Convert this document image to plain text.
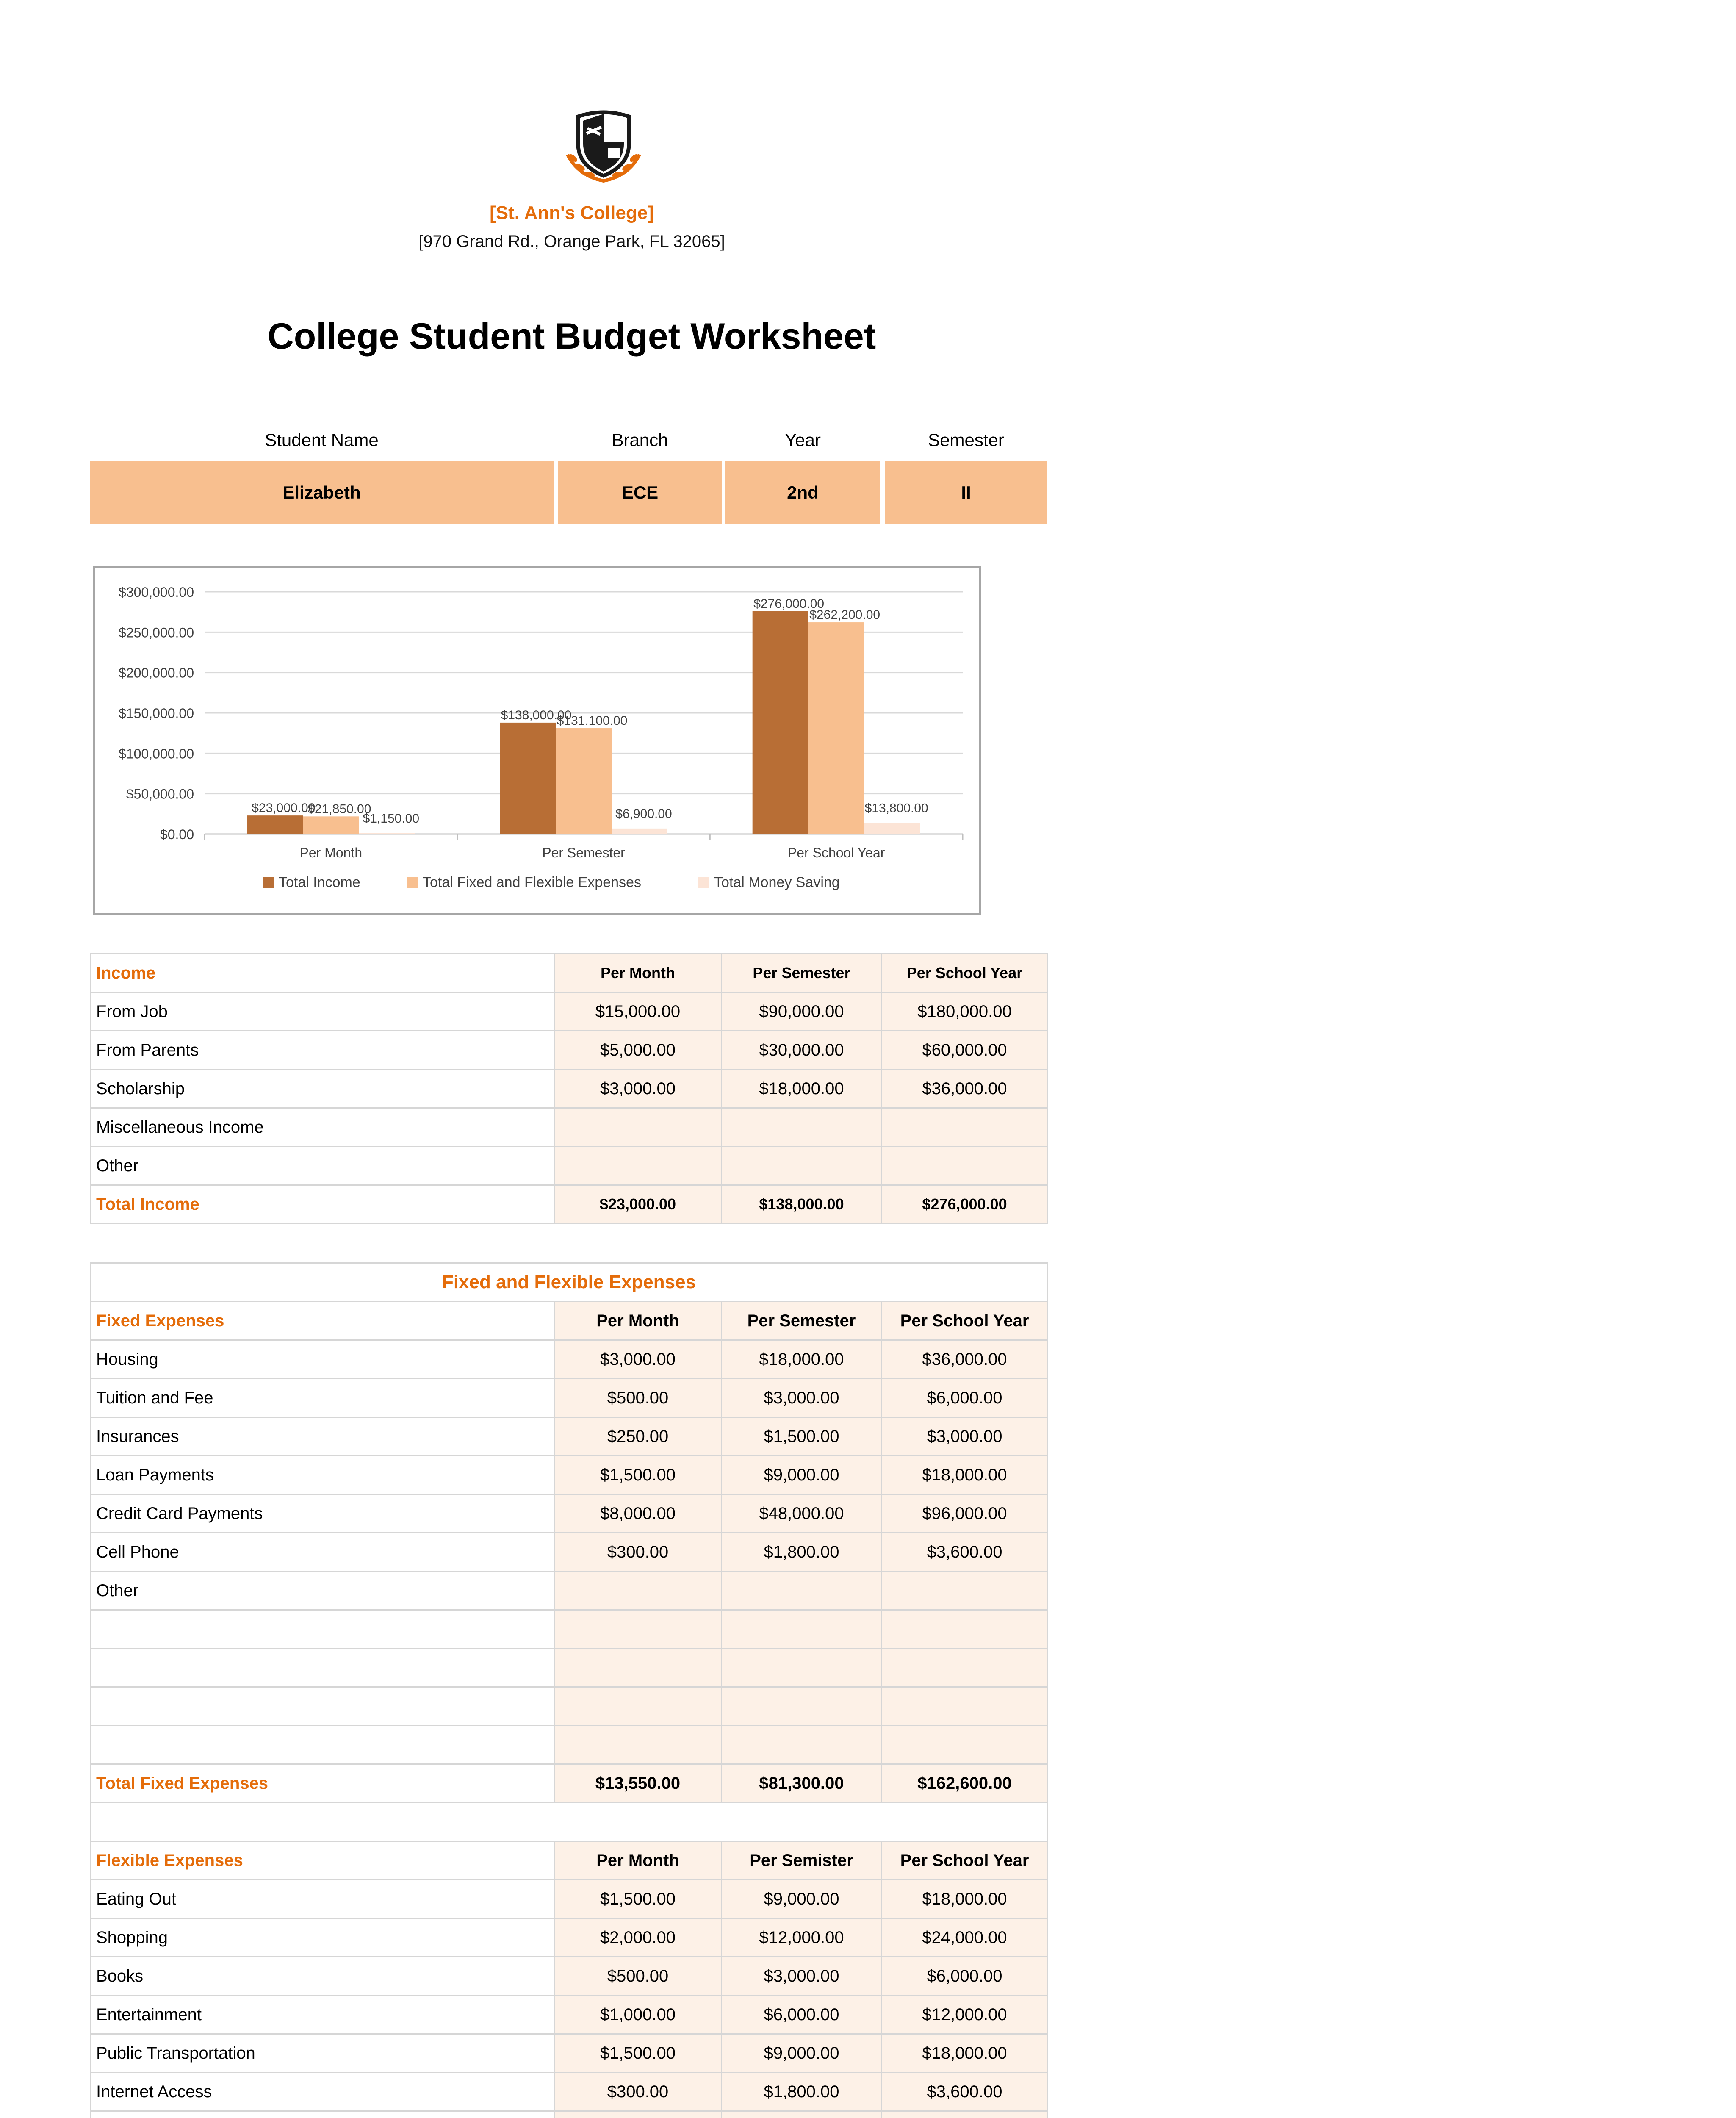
[St. Ann's College]
[970 Grand Rd., Orange Park, FL 32065]
College Student Budget Worksheet
Student Name	Branch	Year	Semester
Elizabeth	ECE	2nd	II
$0.00
$50,000.00
$100,000.00
$150,000.00
$200,000.00
$250,000.00
$300,000.00
Per Month
$23,000.00
$21,850.00
$1,150.00
Per Semester
$138,000.00
$131,100.00
$6,900.00
Per School Year
$276,000.00
$262,200.00
$13,800.00
Total Income	Total Fixed and Flexible Expenses	Total Money Saving
Income	Per Month	Per Semester	Per School Year
From Job	$15,000.00	$90,000.00	$180,000.00
From Parents	$5,000.00	$30,000.00	$60,000.00
Scholarship	$3,000.00	$18,000.00	$36,000.00
Miscellaneous Income			
Other			
Total Income	$23,000.00	$138,000.00	$276,000.00
Fixed and Flexible Expenses			
Fixed Expenses	Per Month	Per Semester	Per School Year
Housing	$3,000.00	$18,000.00	$36,000.00
Tuition and Fee	$500.00	$3,000.00	$6,000.00
Insurances	$250.00	$1,500.00	$3,000.00
Loan Payments	$1,500.00	$9,000.00	$18,000.00
Credit Card Payments	$8,000.00	$48,000.00	$96,000.00
Cell Phone	$300.00	$1,800.00	$3,600.00
Other			

Total Fixed Expenses	$13,550.00	$81,300.00	$162,600.00

Flexible Expenses	Per Month	Per Semister	Per School Year
Eating Out	$1,500.00	$9,000.00	$18,000.00
Shopping	$2,000.00	$12,000.00	$24,000.00
Books	$500.00	$3,000.00	$6,000.00
Entertainment	$1,000.00	$6,000.00	$12,000.00
Public Transportation	$1,500.00	$9,000.00	$18,000.00
Internet Access	$300.00	$1,800.00	$3,600.00
